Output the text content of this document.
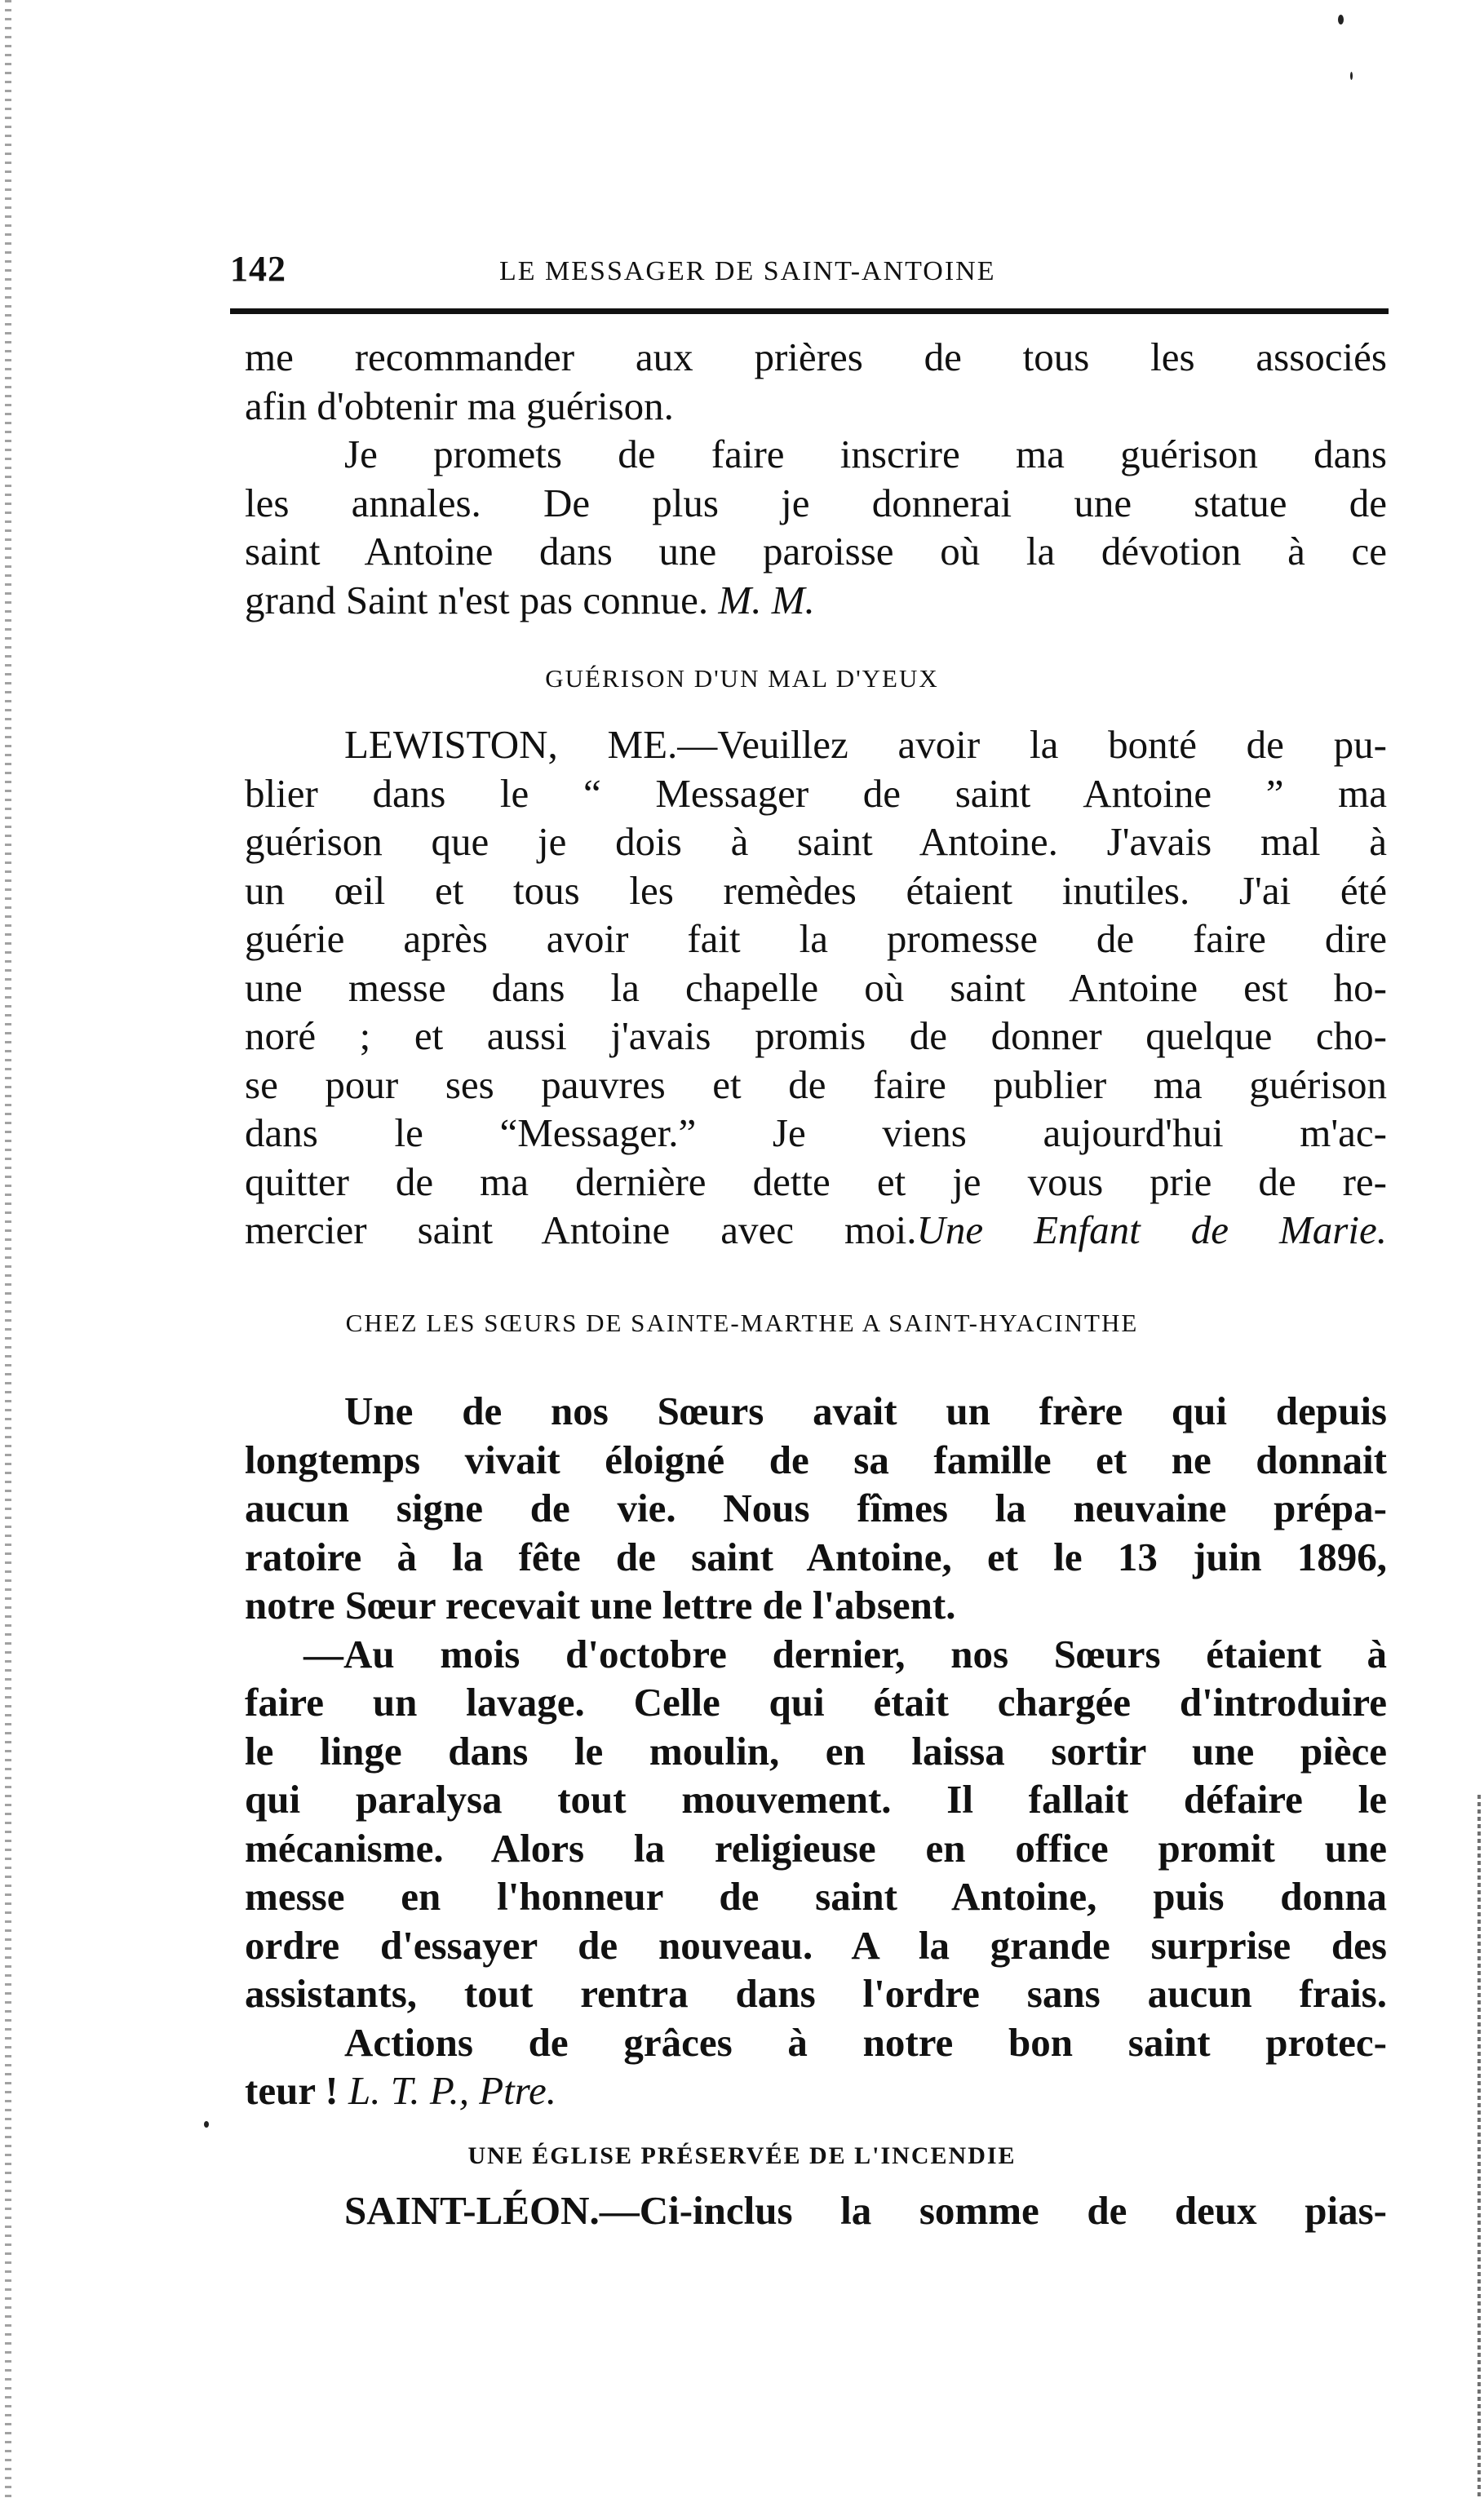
142	LE MESSAGER DE SAINT-ANTOINE
me recommander aux prières de tous les associés
afin d'obtenir ma guérison.
Je promets de faire inscrire ma guérison dans
les annales. De plus je donnerai une statue de
saint Antoine dans une paroisse où la dévotion à ce
grand Saint n'est pas connue. M. M.
GUÉRISON D'UN MAL D'YEUX
LEWISTON, ME.—Veuillez avoir la bonté de pu-
blier dans le “ Messager de saint Antoine ” ma
guérison que je dois à saint Antoine. J'avais mal à
un œil et tous les remèdes étaient inutiles. J'ai été
guérie après avoir fait la promesse de faire dire
une messe dans la chapelle où saint Antoine est ho-
noré ; et aussi j'avais promis de donner quelque cho-
se pour ses pauvres et de faire publier ma guérison
dans le “Messager.” Je viens aujourd'hui m'ac-
quitter de ma dernière dette et je vous prie de re-
mercier saint Antoine avec moi.Une Enfant de Marie.
CHEZ LES SŒURS DE SAINTE-MARTHE A SAINT-HYACINTHE
Une de nos Sœurs avait un frère qui depuis
longtemps vivait éloigné de sa famille et ne donnait
aucun signe de vie. Nous fîmes la neuvaine prépa-
ratoire à la fête de saint Antoine, et le 13 juin 1896,
notre Sœur recevait une lettre de l'absent.
—Au mois d'octobre dernier, nos Sœurs étaient à
faire un lavage. Celle qui était chargée d'introduire
le linge dans le moulin, en laissa sortir une pièce
qui paralysa tout mouvement. Il fallait défaire le
mécanisme. Alors la religieuse en office promit une
messe en l'honneur de saint Antoine, puis donna
ordre d'essayer de nouveau. A la grande surprise des
assistants, tout rentra dans l'ordre sans aucun frais.
Actions de grâces à notre bon saint protec-
teur ! L. T. P., Ptre.
UNE ÉGLISE PRÉSERVÉE DE L'INCENDIE
SAINT-LÉON.—Ci-inclus la somme de deux pias-
